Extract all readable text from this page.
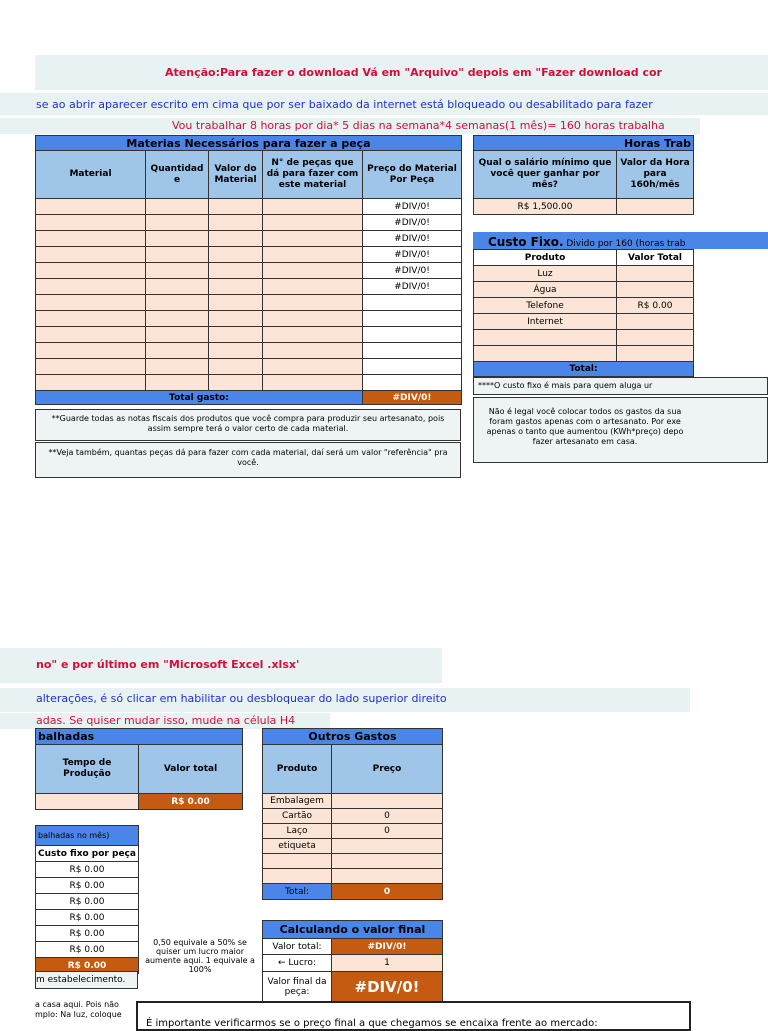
Atenção:Para fazer o download Vá em "Arquivo" depois em "Fazer download cor
se ao abrir aparecer escrito em cima que por ser baixado da internet está bloqueado ou desabilitado para fazer
Vou trabalhar 8 horas por dia* 5 dias na semana*4 semanas(1 mês)= 160 horas trabalha
Materias Necessários para fazer a peça				
Material	Quantidade	Valor do Material	N° de peças que dá para fazer com este material	Preço do Material Por Peça
				#DIV/0!
				#DIV/0!
				#DIV/0!
				#DIV/0!
				#DIV/0!
				#DIV/0!

Total gasto:				#DIV/0!
**Guarde todas as notas fiscais dos produtos que você compra para produzir seu artesanato, pois assim sempre terá o valor certo de cada material.
**Veja também, quantas peças dá para fazer com cada material, daí será um valor "referência" pra você.
Horas Trab	
Qual o salário mínimo que você quer ganhar por mês?	Valor da Hora para 160h/mês
R$ 1,500.00	
Custo Fixo. Divido por 160 (horas trab
Produto	Valor Total
Luz	
Água	
Telefone	R$ 0.00
Internet	

Total:	
****O custo fixo é mais para quem aluga ur
Não é legal você colocar todos os gastos da sua foram gastos apenas com o artesanato. Por exe apenas o tanto que aumentou (KWh*preço) depo fazer artesanato em casa.
no" e por último em "Microsoft Excel .xlsx'
alterações, é só clicar em habilitar ou desbloquear do lado superior direito
adas. Se quiser mudar isso, mude na célula H4
balhadas	
Tempo de Produção	Valor total
	R$ 0.00
balhadas no mês)
Custo fixo por peça
R$ 0.00
R$ 0.00
R$ 0.00
R$ 0.00
R$ 0.00
R$ 0.00
R$ 0.00
m estabelecimento.
a casa aqui. Pois não mplo: Na luz, coloque
0,50 equivale a 50% se quiser um lucro maior aumente aqui. 1 equivale a 100%
Outros Gastos	
Produto	Preço
Embalagem	
Cartão	0
Laço	0
etiqueta	

Total:	0
Calculando o valor final	
Valor total:	#DIV/0!
← Lucro:	1
Valor final da peça:	#DIV/0!
É importante verificarmos se o preço final a que chegamos se encaixa frente ao mercado:
